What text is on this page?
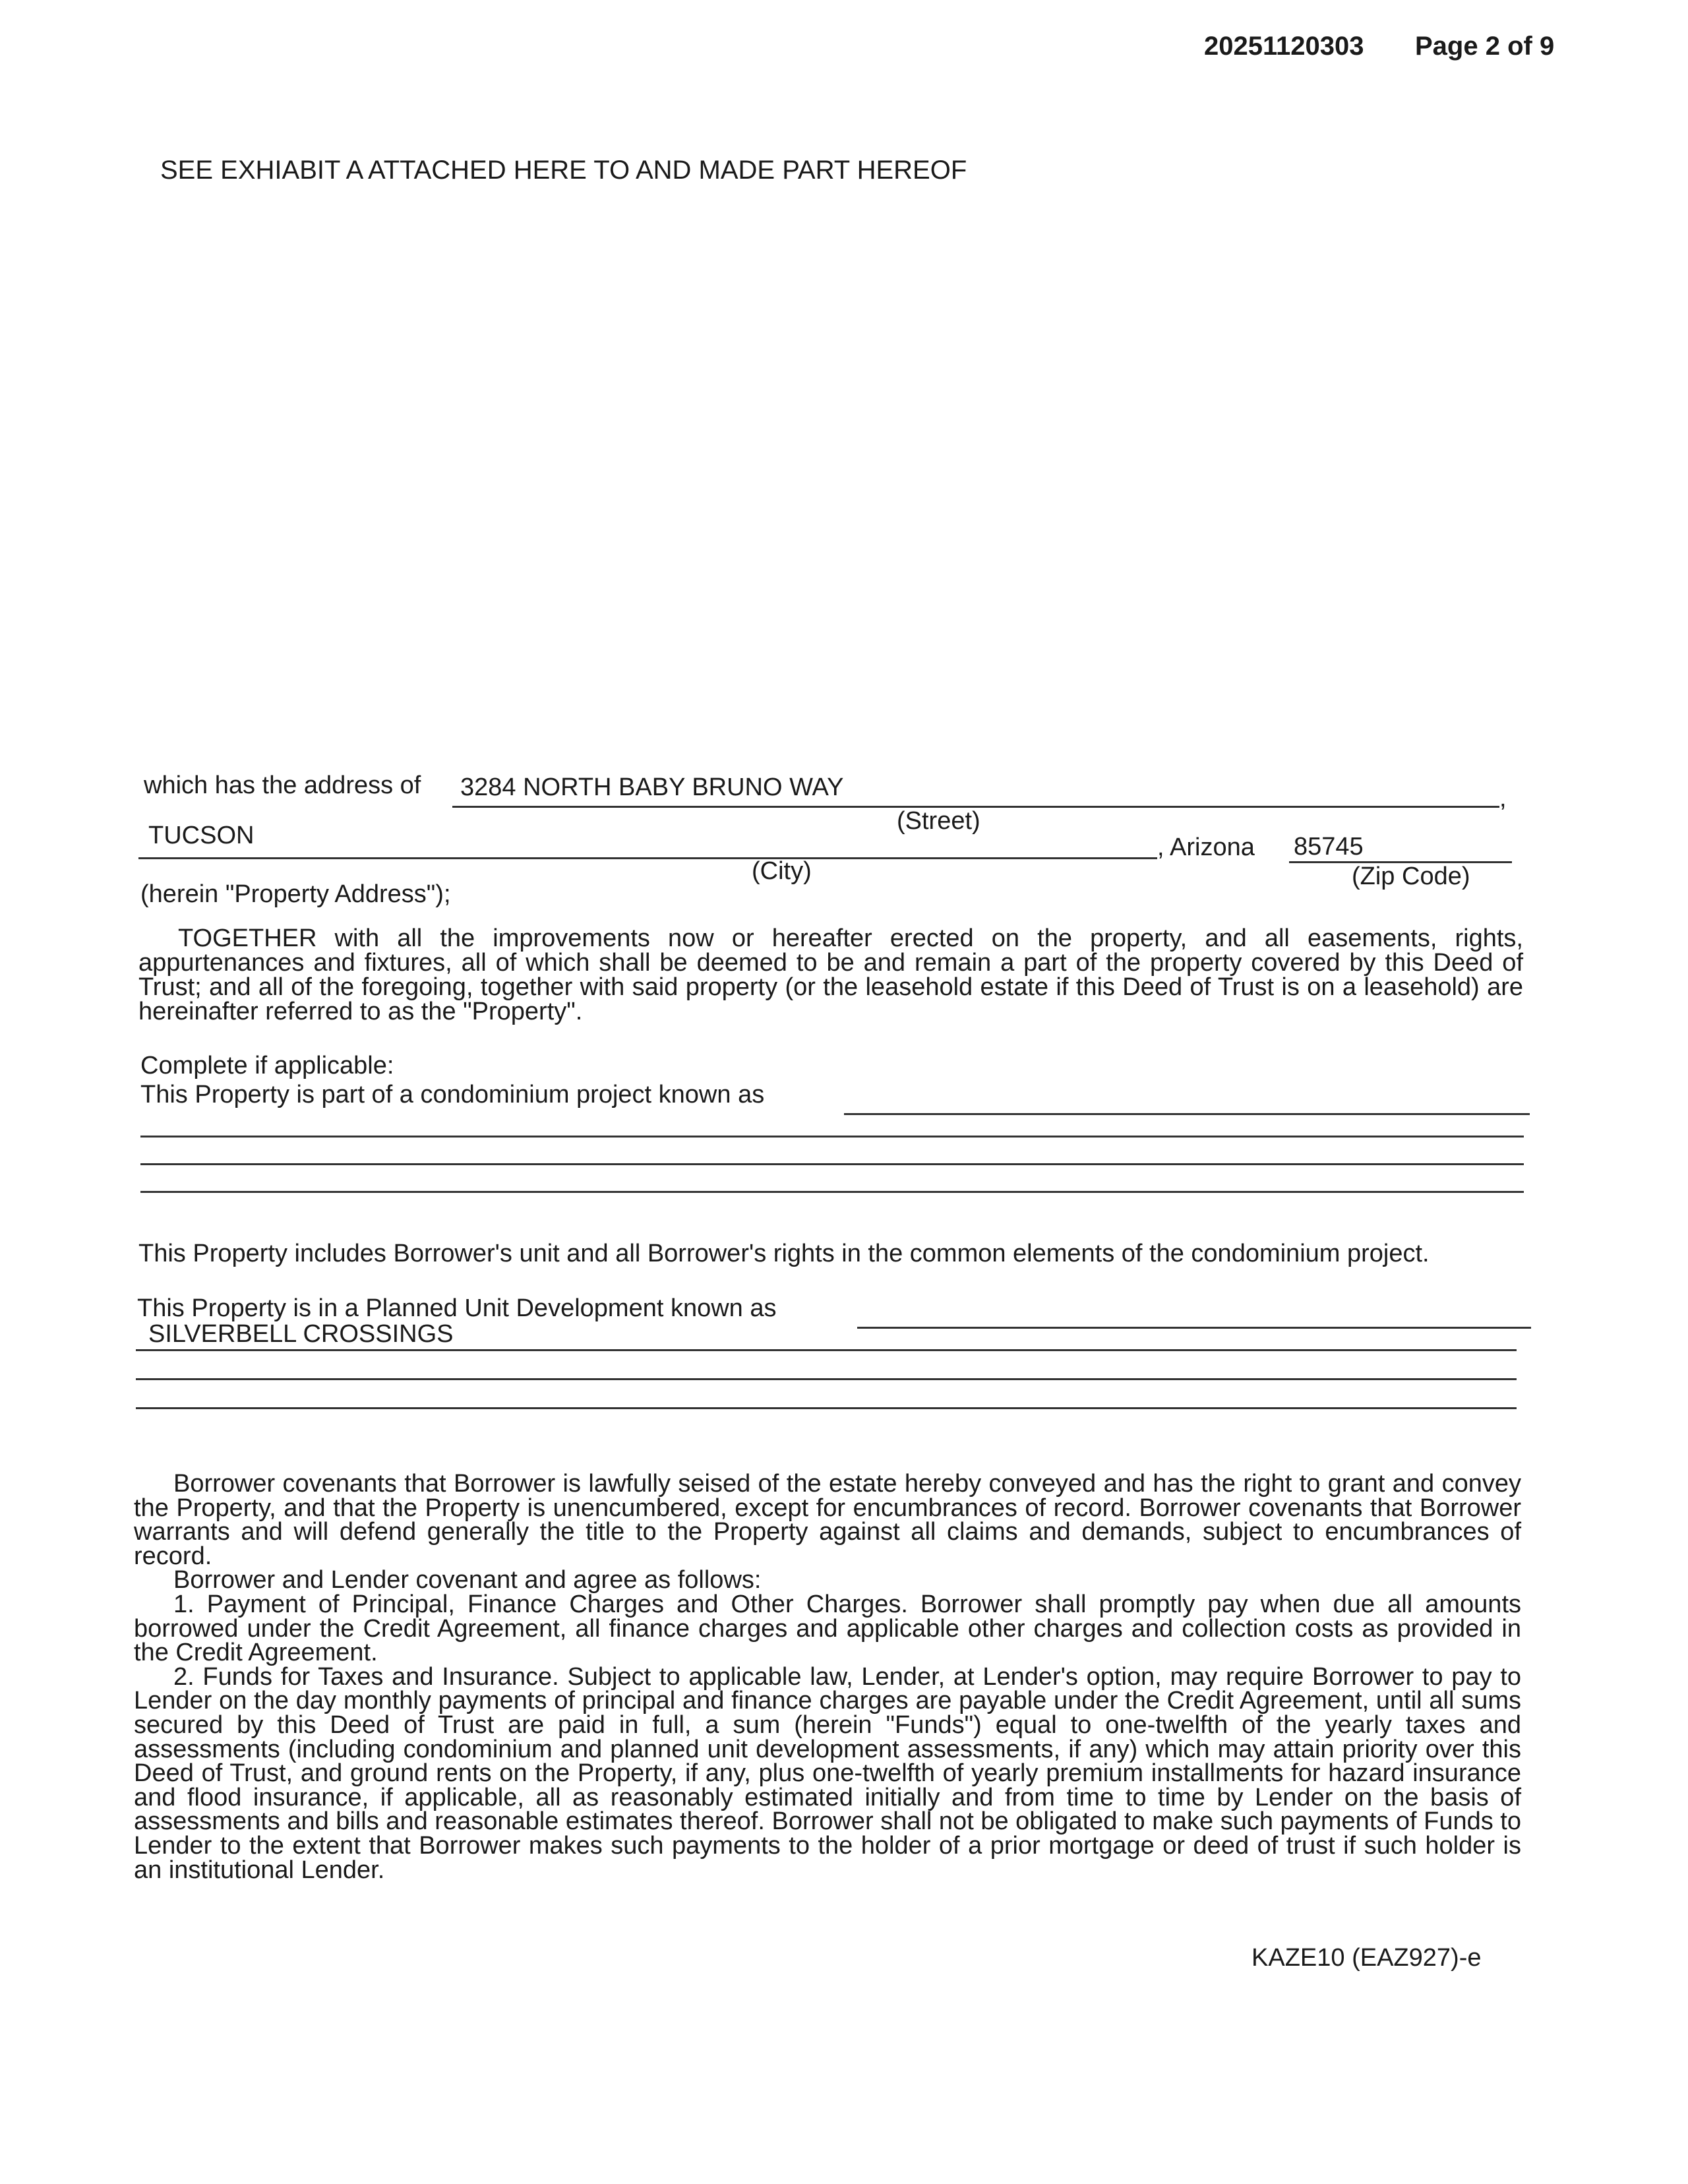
20251120303 Page 2 of 9
SEE EXHIABIT A ATTACHED HERE TO AND MADE PART HEREOF
which has the address of 3284 NORTH BABY BRUNO WAY	,
(Street)
TUCSON	, Arizona 85745
(City)	(Zip Code)
(herein "Property Address");

TOGETHER with all the improvements now or hereafter erected on the property, and all easements, rights, appurtenances and fixtures, all of which shall be deemed to be and remain a part of the property covered by this Deed of Trust; and all of the foregoing, together with said property (or the leasehold estate if this Deed of Trust is on a leasehold) are hereinafter referred to as the "Property".

Complete if applicable:
This Property is part of a condominium project known as

This Property includes Borrower's unit and all Borrower's rights in the common elements of the condominium project.

This Property is in a Planned Unit Development known as
SILVERBELL CROSSINGS

Borrower covenants that Borrower is lawfully seised of the estate hereby conveyed and has the right to grant and convey the Property, and that the Property is unencumbered, except for encumbrances of record. Borrower covenants that Borrower warrants and will defend generally the title to the Property against all claims and demands, subject to encumbrances of record.

Borrower and Lender covenant and agree as follows:

1. Payment of Principal, Finance Charges and Other Charges. Borrower shall promptly pay when due all amounts borrowed under the Credit Agreement, all finance charges and applicable other charges and collection costs as provided in the Credit Agreement.

2. Funds for Taxes and Insurance. Subject to applicable law, Lender, at Lender's option, may require Borrower to pay to Lender on the day monthly payments of principal and finance charges are payable under the Credit Agreement, until all sums secured by this Deed of Trust are paid in full, a sum (herein "Funds") equal to one-twelfth of the yearly taxes and assessments (including condominium and planned unit development assessments, if any) which may attain priority over this Deed of Trust, and ground rents on the Property, if any, plus one-twelfth of yearly premium installments for hazard insurance and flood insurance, if applicable, all as reasonably estimated initially and from time to time by Lender on the basis of assessments and bills and reasonable estimates thereof. Borrower shall not be obligated to make such payments of Funds to Lender to the extent that Borrower makes such payments to the holder of a prior mortgage or deed of trust if such holder is an institutional Lender.

KAZE10 (EAZ927)-e
